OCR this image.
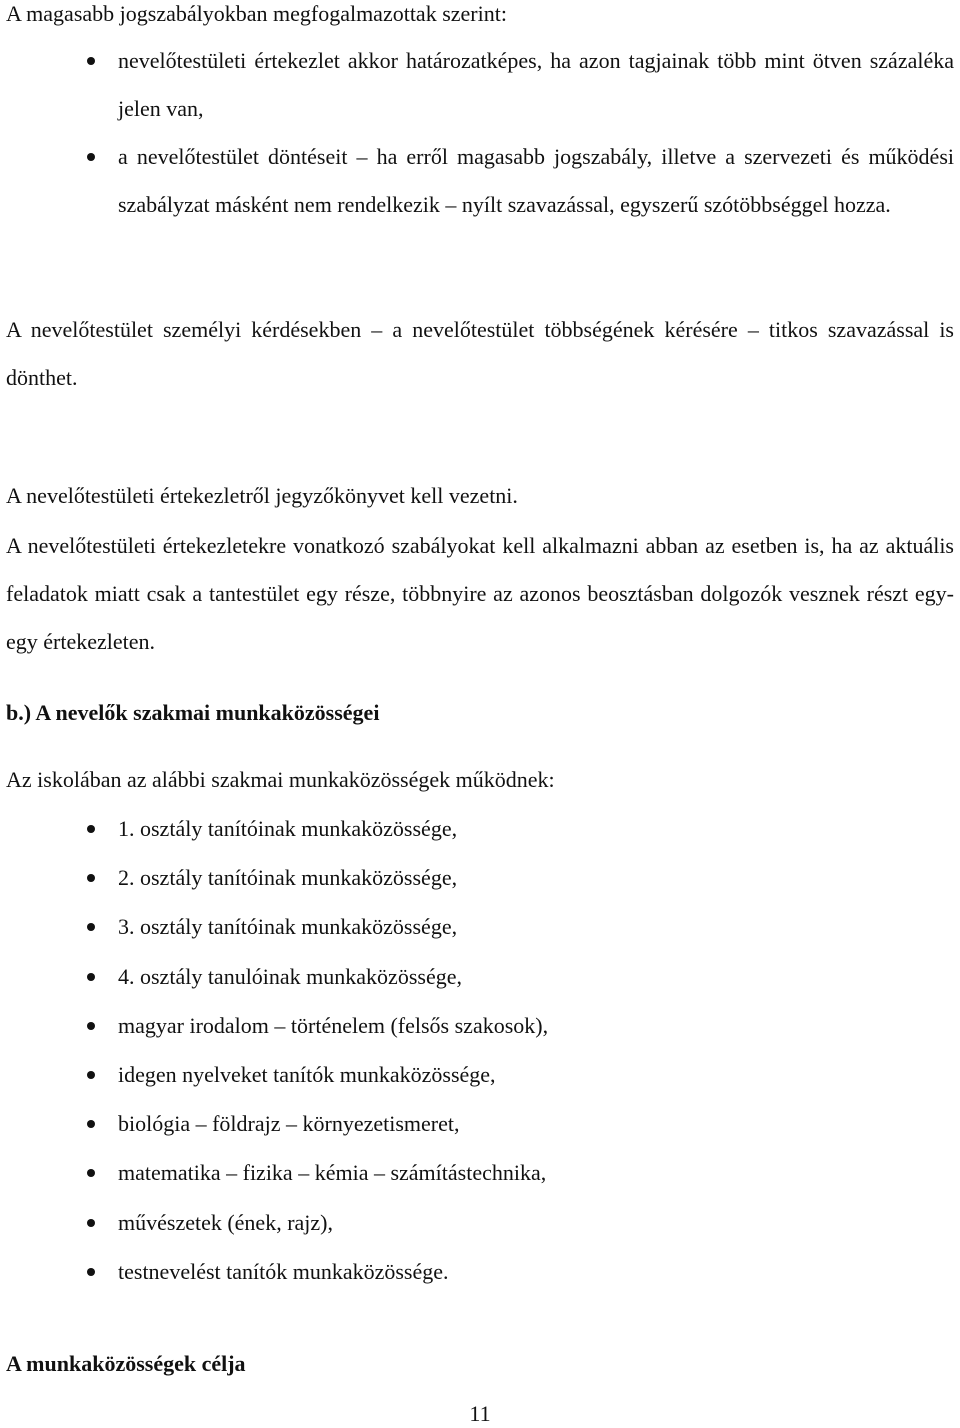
A magasabb jogszabályokban megfogalmazottak szerint:

nevelőtestületi értekezlet akkor határozatképes, ha azon tagjainak több mint ötven százaléka jelen van,
a nevelőtestület döntéseit – ha erről magasabb jogszabály, illetve a szervezeti és működési szabályzat másként nem rendelkezik – nyílt szavazással, egyszerű szótöbbséggel hozza.

A nevelőtestület személyi kérdésekben – a nevelőtestület többségének kérésére – titkos szavazással is dönthet.

A nevelőtestületi értekezletről jegyzőkönyvet kell vezetni.

A nevelőtestületi értekezletekre vonatkozó szabályokat kell alkalmazni abban az esetben is, ha az aktuális feladatok miatt csak a tantestület egy része, többnyire az azonos beosztásban dolgozók vesznek részt egy-egy értekezleten.

b.) A nevelők szakmai munkaközösségei

Az iskolában az alábbi szakmai munkaközösségek működnek:

1. osztály tanítóinak munkaközössége,
2. osztály tanítóinak munkaközössége,
3. osztály tanítóinak munkaközössége,
4. osztály tanulóinak munkaközössége,
magyar irodalom – történelem (felsős szakosok),
idegen nyelveket tanítók munkaközössége,
biológia – földrajz – környezetismeret,
matematika – fizika – kémia – számítástechnika,
művészetek (ének, rajz),
testnevelést tanítók munkaközössége.

A munkaközösségek célja

11
